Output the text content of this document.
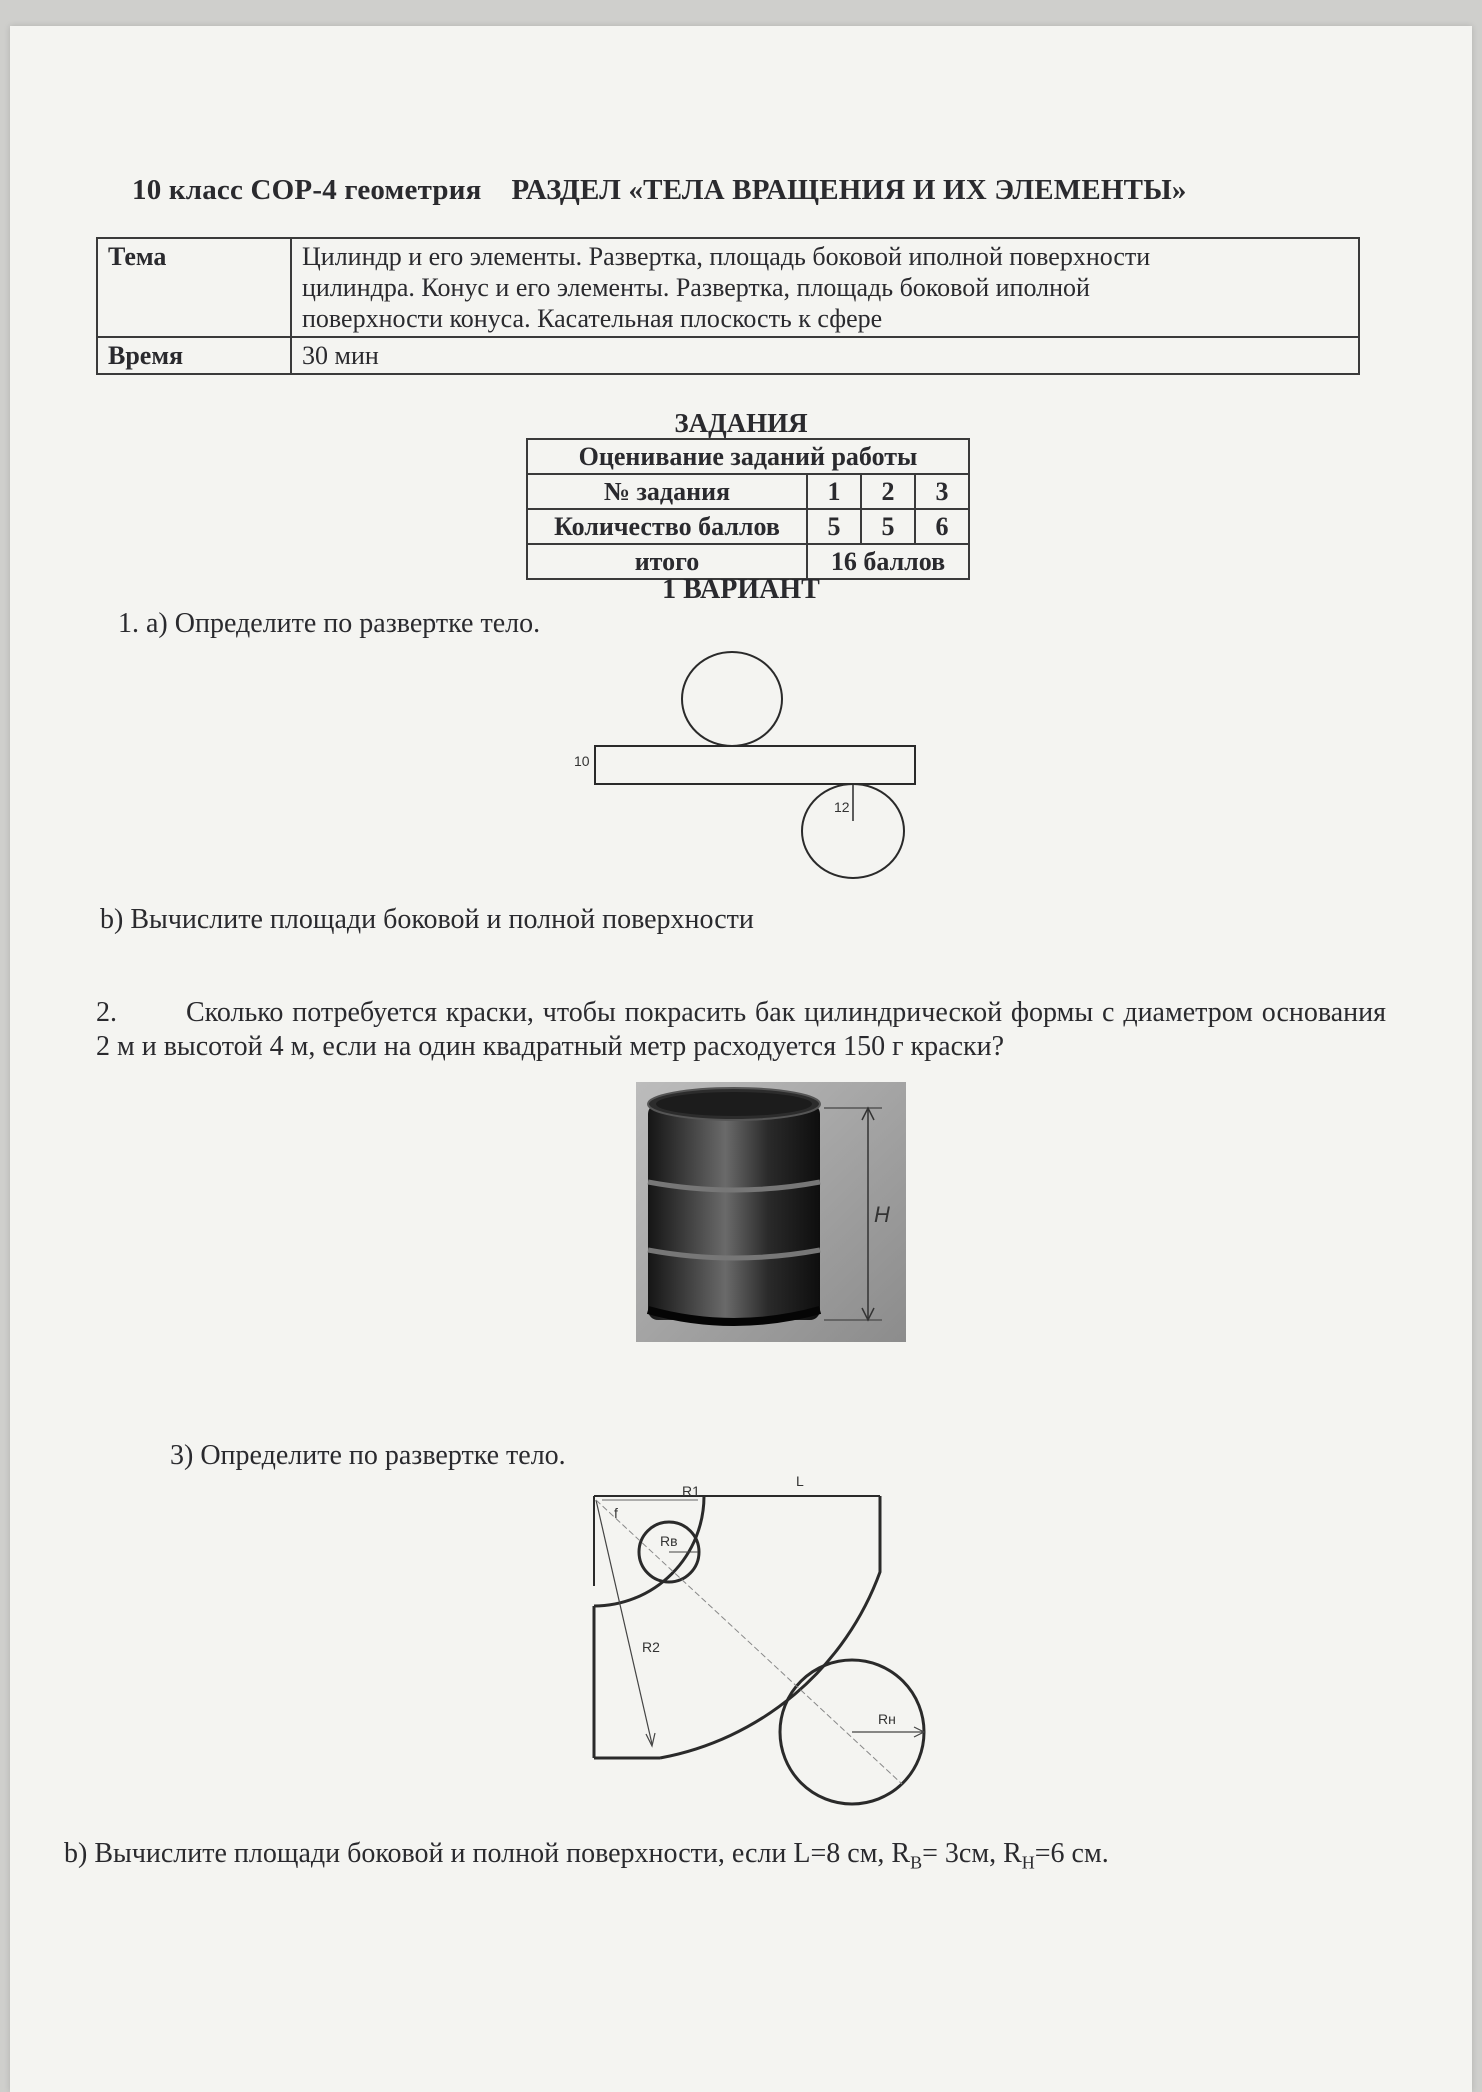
10 класс СОР-4 геометрия РАЗДЕЛ «ТЕЛА ВРАЩЕНИЯ И ИХ ЭЛЕМЕНТЫ»
Тема	Цилиндр и его элементы. Развертка, площадь боковой иполной поверхности
цилиндра. Конус и его элементы. Развертка, площадь боковой иполной
поверхности конуса. Касательная плоскость к сфере

Время	30 мин
ЗАДАНИЯ
Оценивание заданий работы			
№ задания	1	2	3
Количество баллов	5	5	6
итого	16 баллов		
1 ВАРИАНТ
1. а) Определите по развертке тело.
10
12
b) Вычислите площади боковой и полной поверхности
2. Сколько потребуется краски, чтобы покрасить бак цилиндрической формы с диаметром основания 2 м и высотой 4 м, если на один квадратный метр расходуется 150 г краски?
H
3) Определите по развертке тело.
L
R1
f
Rв
R2
Rн
b) Вычислите площади боковой и полной поверхности, если L=8 см, $R_B= 3см$, $R_H=6$ см.
